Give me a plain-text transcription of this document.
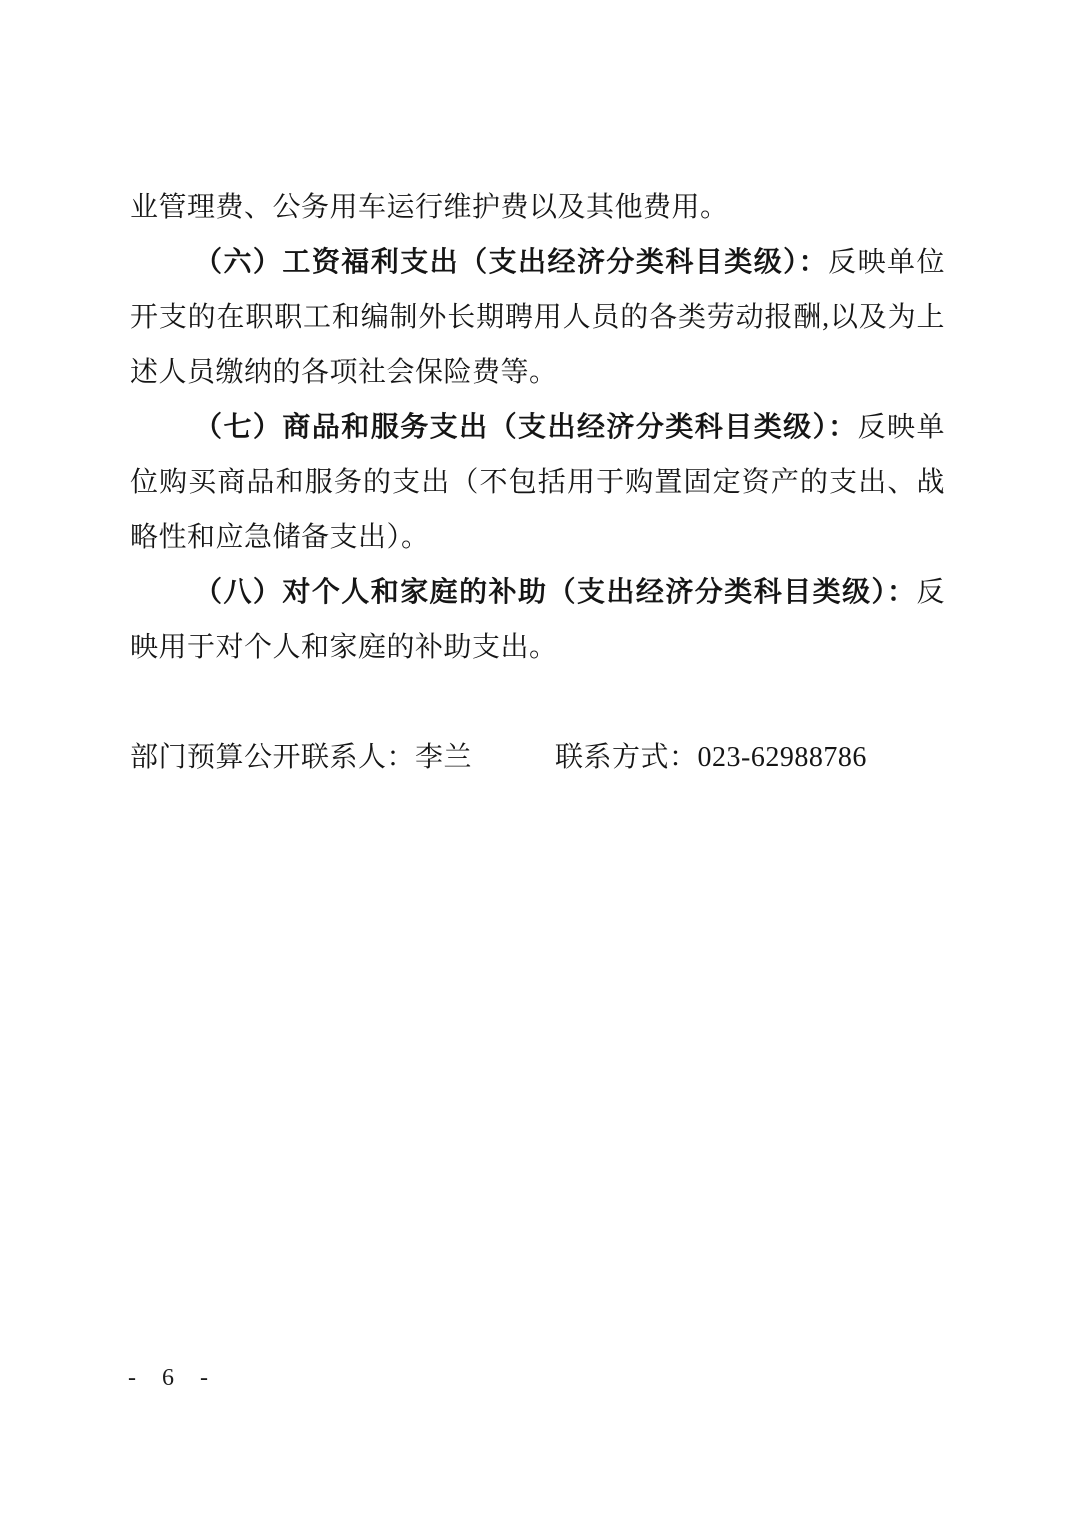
业管理费、公务用车运行维护费以及其他费用。

（六）工资福利支出（支出经济分类科目类级）：反映单位开支的在职职工和编制外长期聘用人员的各类劳动报酬,以及为上述人员缴纳的各项社会保险费等。

（七）商品和服务支出（支出经济分类科目类级）：反映单位购买商品和服务的支出（不包括用于购置固定资产的支出、战略性和应急储备支出）。

（八）对个人和家庭的补助（支出经济分类科目类级）：反映用于对个人和家庭的补助支出。

部门预算公开联系人：李兰	联系方式：023-62988786
- 6 -
